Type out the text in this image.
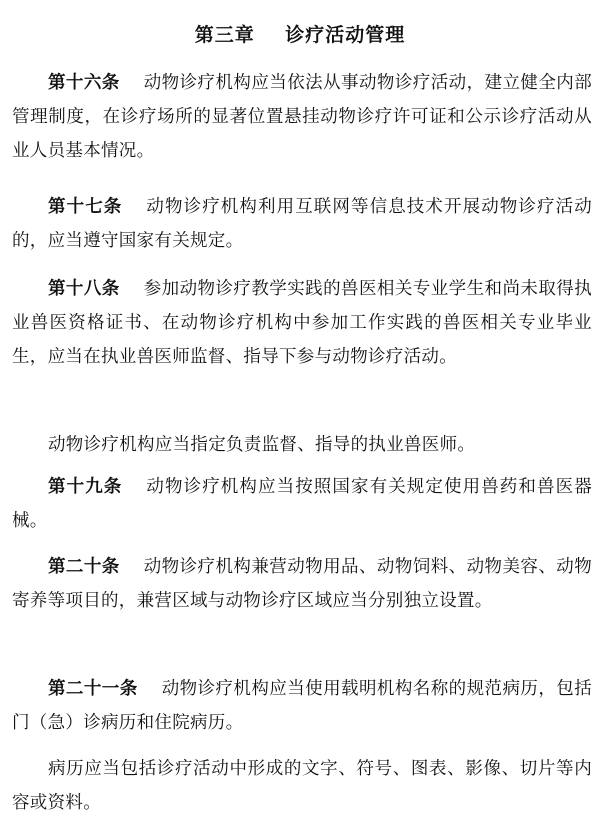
第三章    诊疗活动管理

第十六条 动物诊疗机构应当依法从事动物诊疗活动，建立健全内部管理制度，在诊疗场所的显著位置悬挂动物诊疗许可证和公示诊疗活动从业人员基本情况。

第十七条 动物诊疗机构利用互联网等信息技术开展动物诊疗活动的，应当遵守国家有关规定。

第十八条 参加动物诊疗教学实践的兽医相关专业学生和尚未取得执业兽医资格证书、在动物诊疗机构中参加工作实践的兽医相关专业毕业生，应当在执业兽医师监督、指导下参与动物诊疗活动。

动物诊疗机构应当指定负责监督、指导的执业兽医师。

第十九条 动物诊疗机构应当按照国家有关规定使用兽药和兽医器械。

第二十条 动物诊疗机构兼营动物用品、动物饲料、动物美容、动物寄养等项目的，兼营区域与动物诊疗区域应当分别独立设置。

第二十一条 动物诊疗机构应当使用载明机构名称的规范病历，包括门（急）诊病历和住院病历。

病历应当包括诊疗活动中形成的文字、符号、图表、影像、切片等内容或资料。
